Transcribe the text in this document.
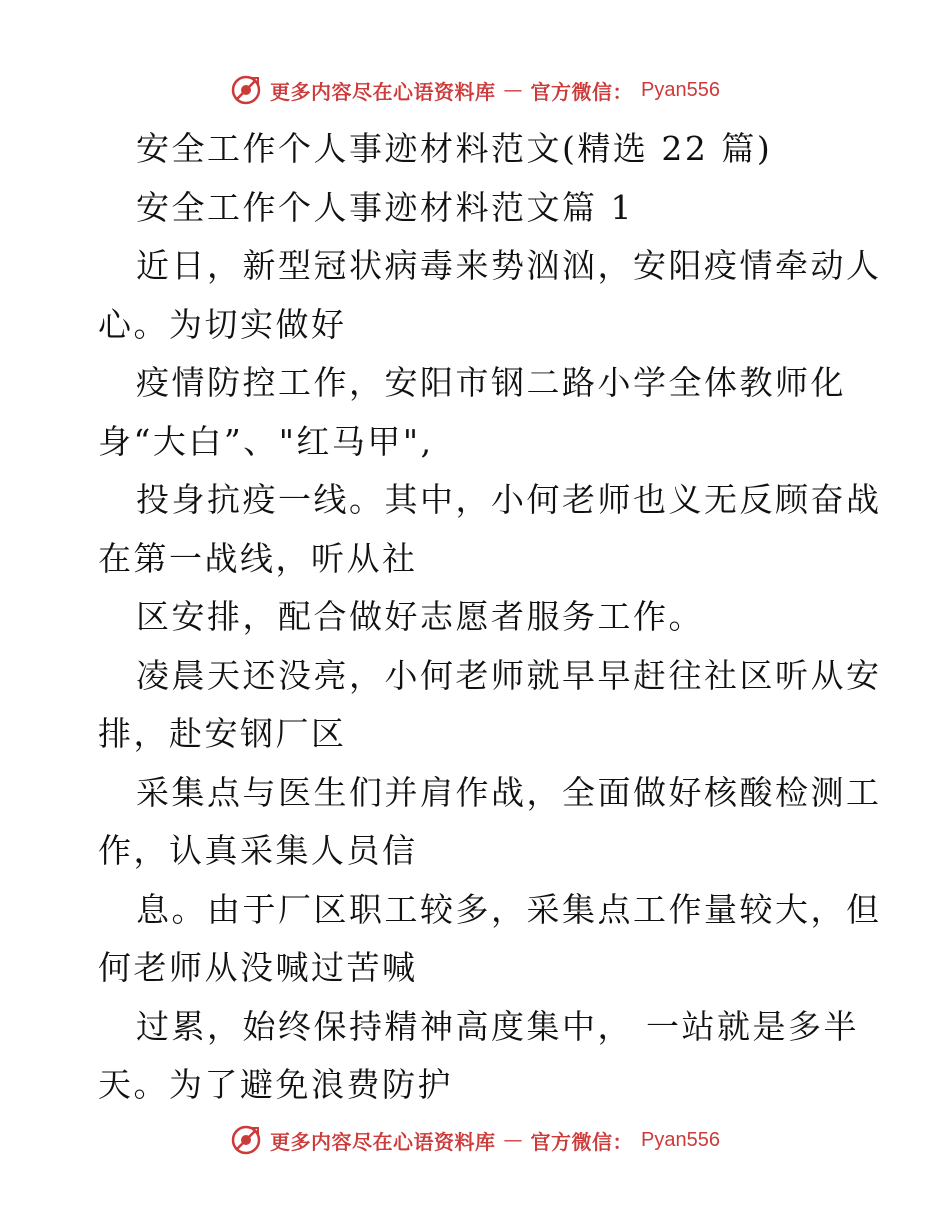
更多内容尽在心语资料库 — 官方微信： Pyan556
安全工作个人事迹材料范文(精选 22 篇)
安全工作个人事迹材料范文篇 1
近日，新型冠状病毒来势汹汹，安阳疫情牵动人
心。为切实做好
疫情防控工作，安阳市钢二路小学全体教师化
身“大白”、"红马甲",
投身抗疫一线。其中，小何老师也义无反顾奋战
在第一战线，听从社
区安排，配合做好志愿者服务工作。
凌晨天还没亮，小何老师就早早赶往社区听从安
排，赴安钢厂区
采集点与医生们并肩作战，全面做好核酸检测工
作，认真采集人员信
息。由于厂区职工较多，采集点工作量较大，但
何老师从没喊过苦喊
过累，始终保持精神高度集中， 一站就是多半
天。为了避免浪费防护
更多内容尽在心语资料库 — 官方微信： Pyan556
